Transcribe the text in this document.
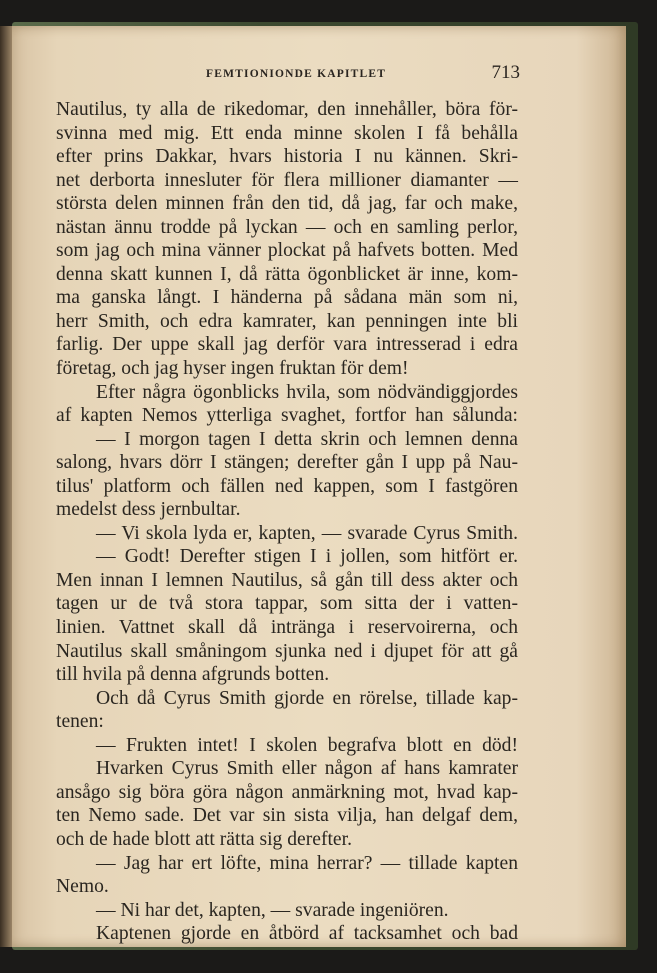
FEMTIONIONDE KAPITLET	713
Nautilus, ty alla de rikedomar, den innehåller, böra för-
svinna med mig. Ett enda minne skolen I få behålla
efter prins Dakkar, hvars historia I nu kännen. Skri-
net derborta innesluter för flera millioner diamanter —
största delen minnen från den tid, då jag, far och make,
nästan ännu trodde på lyckan — och en samling perlor,
som jag och mina vänner plockat på hafvets botten. Med
denna skatt kunnen I, då rätta ögonblicket är inne, kom-
ma ganska långt. I händerna på sådana män som ni,
herr Smith, och edra kamrater, kan penningen inte bli
farlig. Der uppe skall jag derför vara intresserad i edra
företag, och jag hyser ingen fruktan för dem!
Efter några ögonblicks hvila, som nödvändiggjordes
af kapten Nemos ytterliga svaghet, fortfor han sålunda:
— I morgon tagen I detta skrin och lemnen denna
salong, hvars dörr I stängen; derefter gån I upp på Nau-
tilus' platform och fällen ned kappen, som I fastgören
medelst dess jernbultar.
— Vi skola lyda er, kapten, — svarade Cyrus Smith.
— Godt! Derefter stigen I i jollen, som hitfört er.
Men innan I lemnen Nautilus, så gån till dess akter och
tagen ur de två stora tappar, som sitta der i vatten-
linien. Vattnet skall då intränga i reservoirerna, och
Nautilus skall småningom sjunka ned i djupet för att gå
till hvila på denna afgrunds botten.
Och då Cyrus Smith gjorde en rörelse, tillade kap-
tenen:
— Frukten intet! I skolen begrafva blott en död!
Hvarken Cyrus Smith eller någon af hans kamrater
ansågo sig böra göra någon anmärkning mot, hvad kap-
ten Nemo sade. Det var sin sista vilja, han delgaf dem,
och de hade blott att rätta sig derefter.
— Jag har ert löfte, mina herrar? — tillade kapten
Nemo.
— Ni har det, kapten, — svarade ingeniören.
Kaptenen gjorde en åtbörd af tacksamhet och bad
